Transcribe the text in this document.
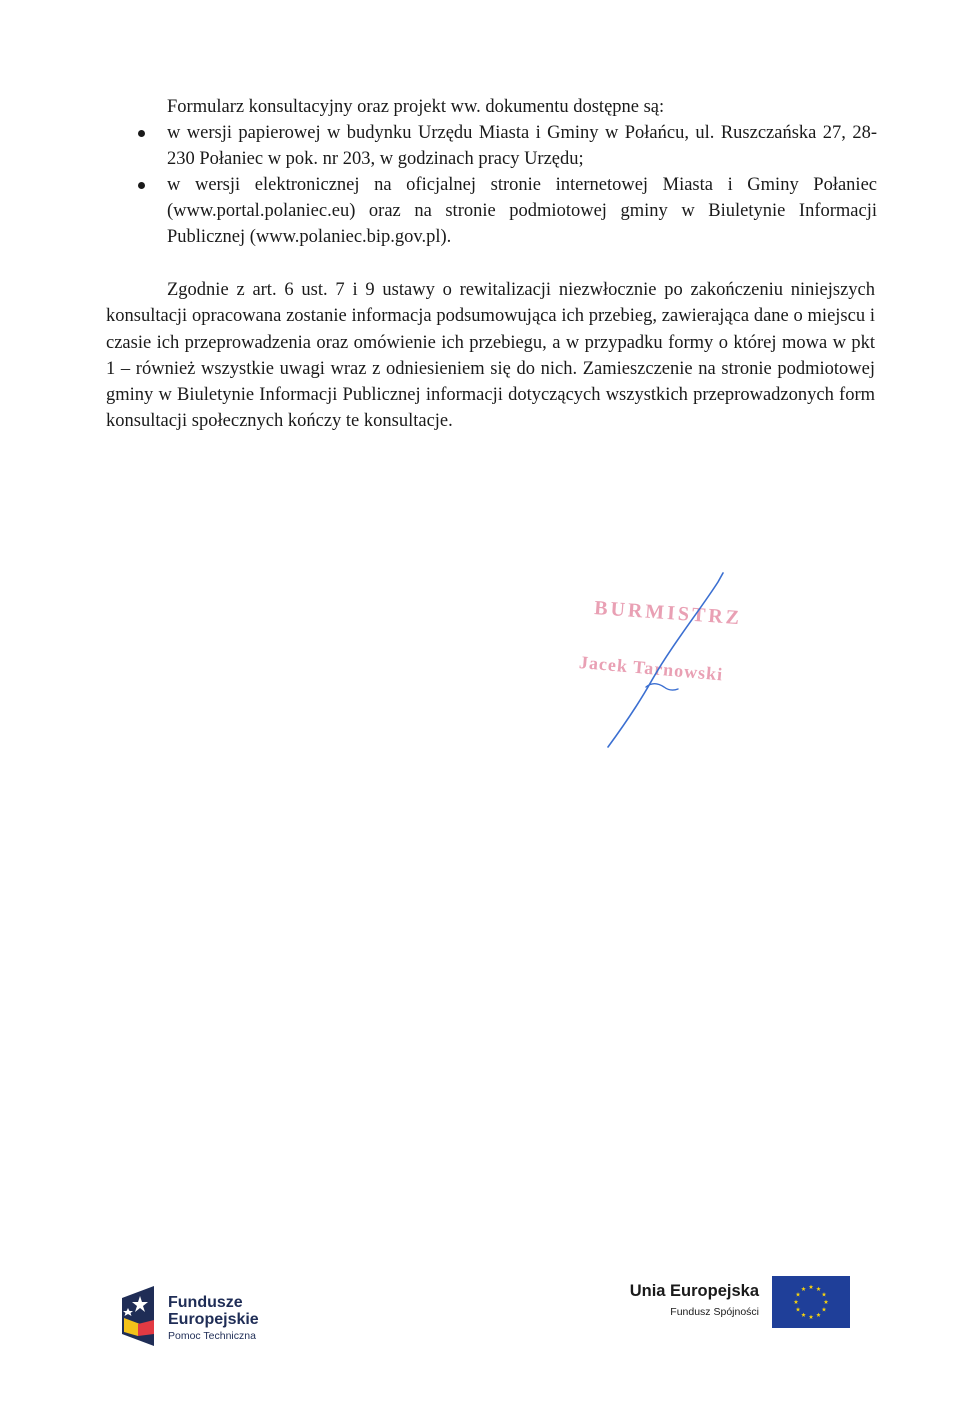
Formularz konsultacyjny oraz projekt ww. dokumentu dostępne są:

w wersji papierowej w budynku Urzędu Miasta i Gminy w Połańcu, ul. Ruszczańska 27, 28-230 Połaniec w pok. nr 203, w godzinach pracy Urzędu;
w wersji elektronicznej na oficjalnej stronie internetowej Miasta i Gminy Połaniec (www.portal.polaniec.eu) oraz na stronie podmiotowej gminy w Biuletynie Informacji Publicznej (www.polaniec.bip.gov.pl).

Zgodnie z art. 6 ust. 7 i 9 ustawy o rewitalizacji niezwłocznie po zakończeniu niniejszych konsultacji opracowana zostanie informacja podsumowująca ich przebieg, zawierająca dane o miejscu i czasie ich przeprowadzenia oraz omówienie ich przebiegu, a w przypadku formy o której mowa w pkt 1 – również wszystkie uwagi wraz z odniesieniem się do nich. Zamieszczenie na stronie podmiotowej gminy w Biuletynie Informacji Publicznej informacji dotyczących wszystkich przeprowadzonych form konsultacji społecznych kończy te konsultacje.

BURMISTRZ
Jacek Tarnowski
Fundusze
Europejskie
Pomoc Techniczna
Unia Europejska
Fundusz Spójności
